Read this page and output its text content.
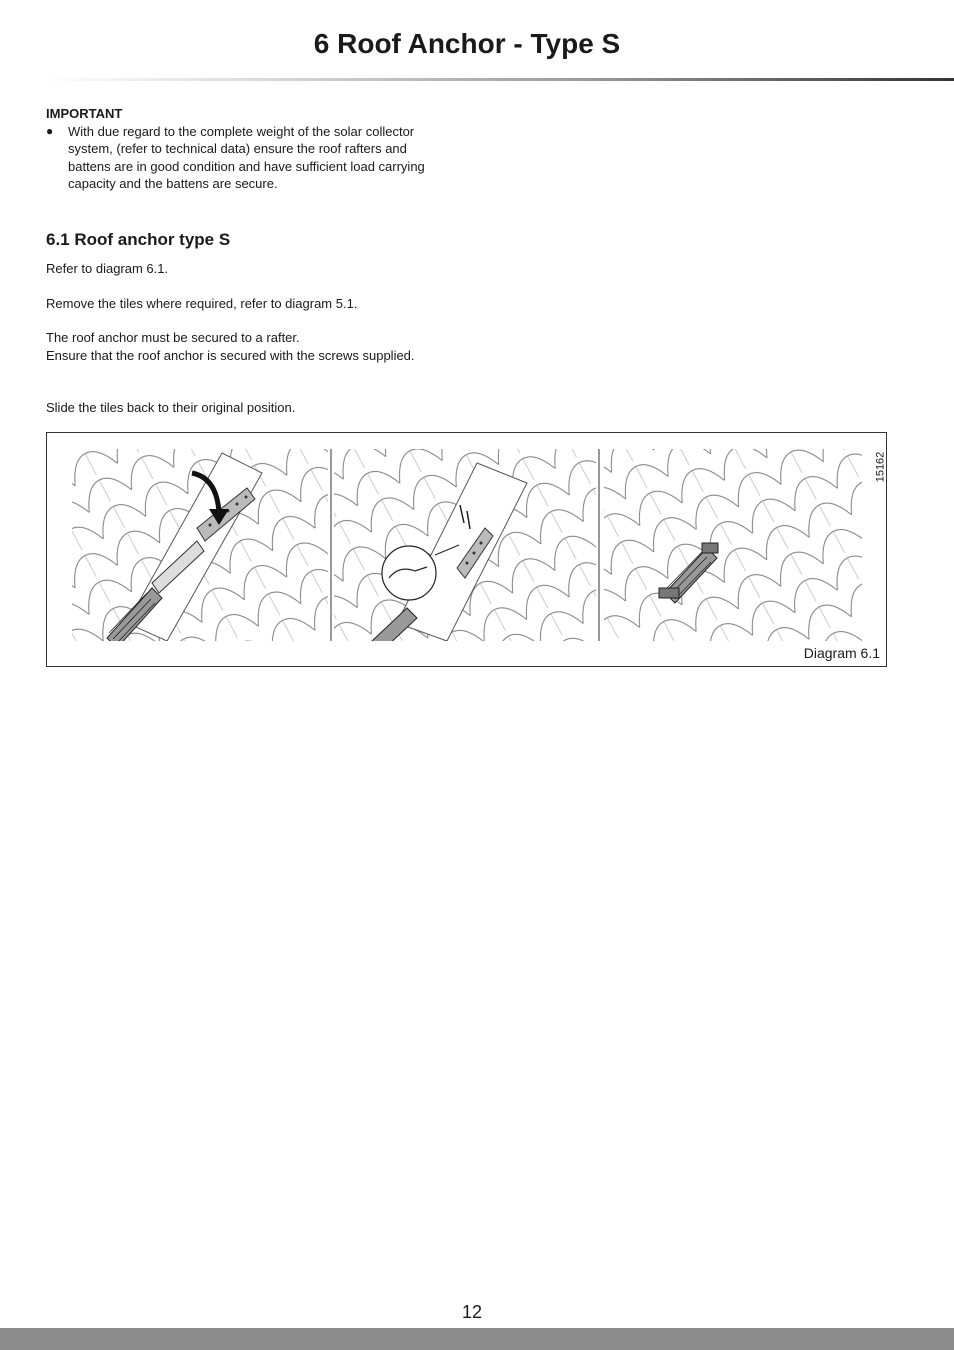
6 Roof Anchor - Type S
IMPORTANT
●	With due regard to the complete weight of the solar collector system, (refer to technical data) ensure the roof rafters and battens are in good condition and have sufficient load carrying capacity and the battens are secure.
6.1 Roof anchor type S

Refer to diagram 6.1.

Remove the tiles where required, refer to diagram 5.1.

The roof anchor must be secured to a rafter.

Ensure that the roof anchor is secured with the screws supplied.

Slide the tiles back to their original position.

15162
Diagram 6.1
12
